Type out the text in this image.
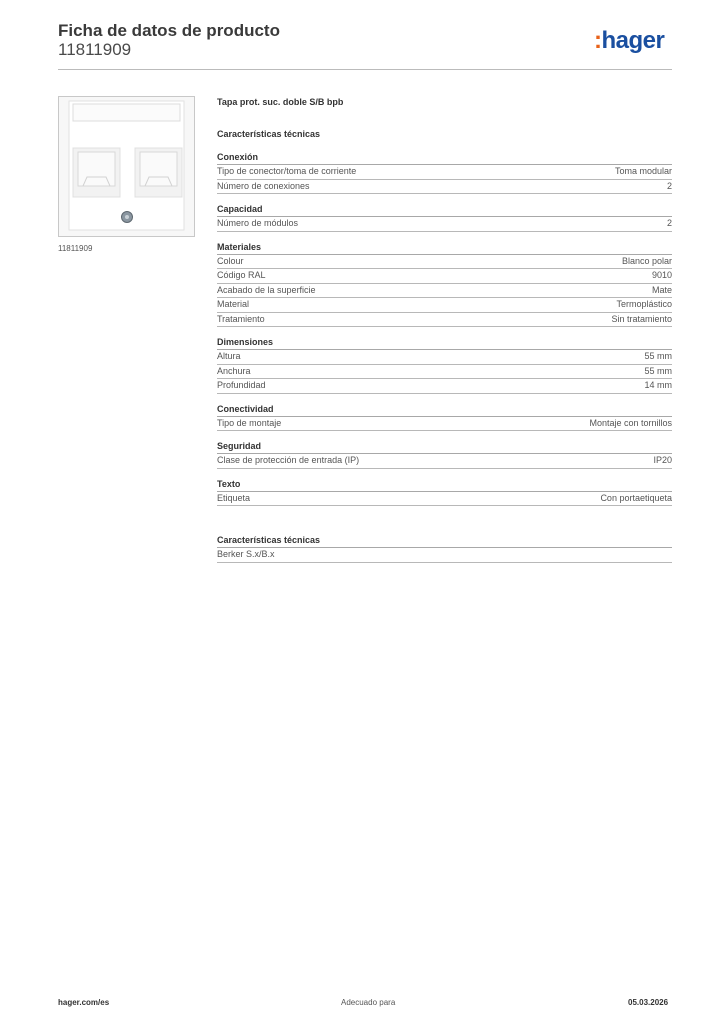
Ficha de datos de producto
11811909	:hager
11811909
Tapa prot. suc. doble S/B bpb
Características técnicas
Conexión
Tipo de conector/toma de corriente	Toma modular
Número de conexiones	2
Capacidad
Número de módulos	2
Materiales
Colour	Blanco polar
Código RAL	9010
Acabado de la superficie	Mate
Material	Termoplástico
Tratamiento	Sin tratamiento
Dimensiones
Altura	55 mm
Anchura	55 mm
Profundidad	14 mm
Conectividad
Tipo de montaje	Montaje con tornillos
Seguridad
Clase de protección de entrada (IP)	IP20
Texto
Etiqueta	Con portaetiqueta
Características técnicas
Berker S.x/B.x
hager.com/es	Adecuado para	05.03.2026
